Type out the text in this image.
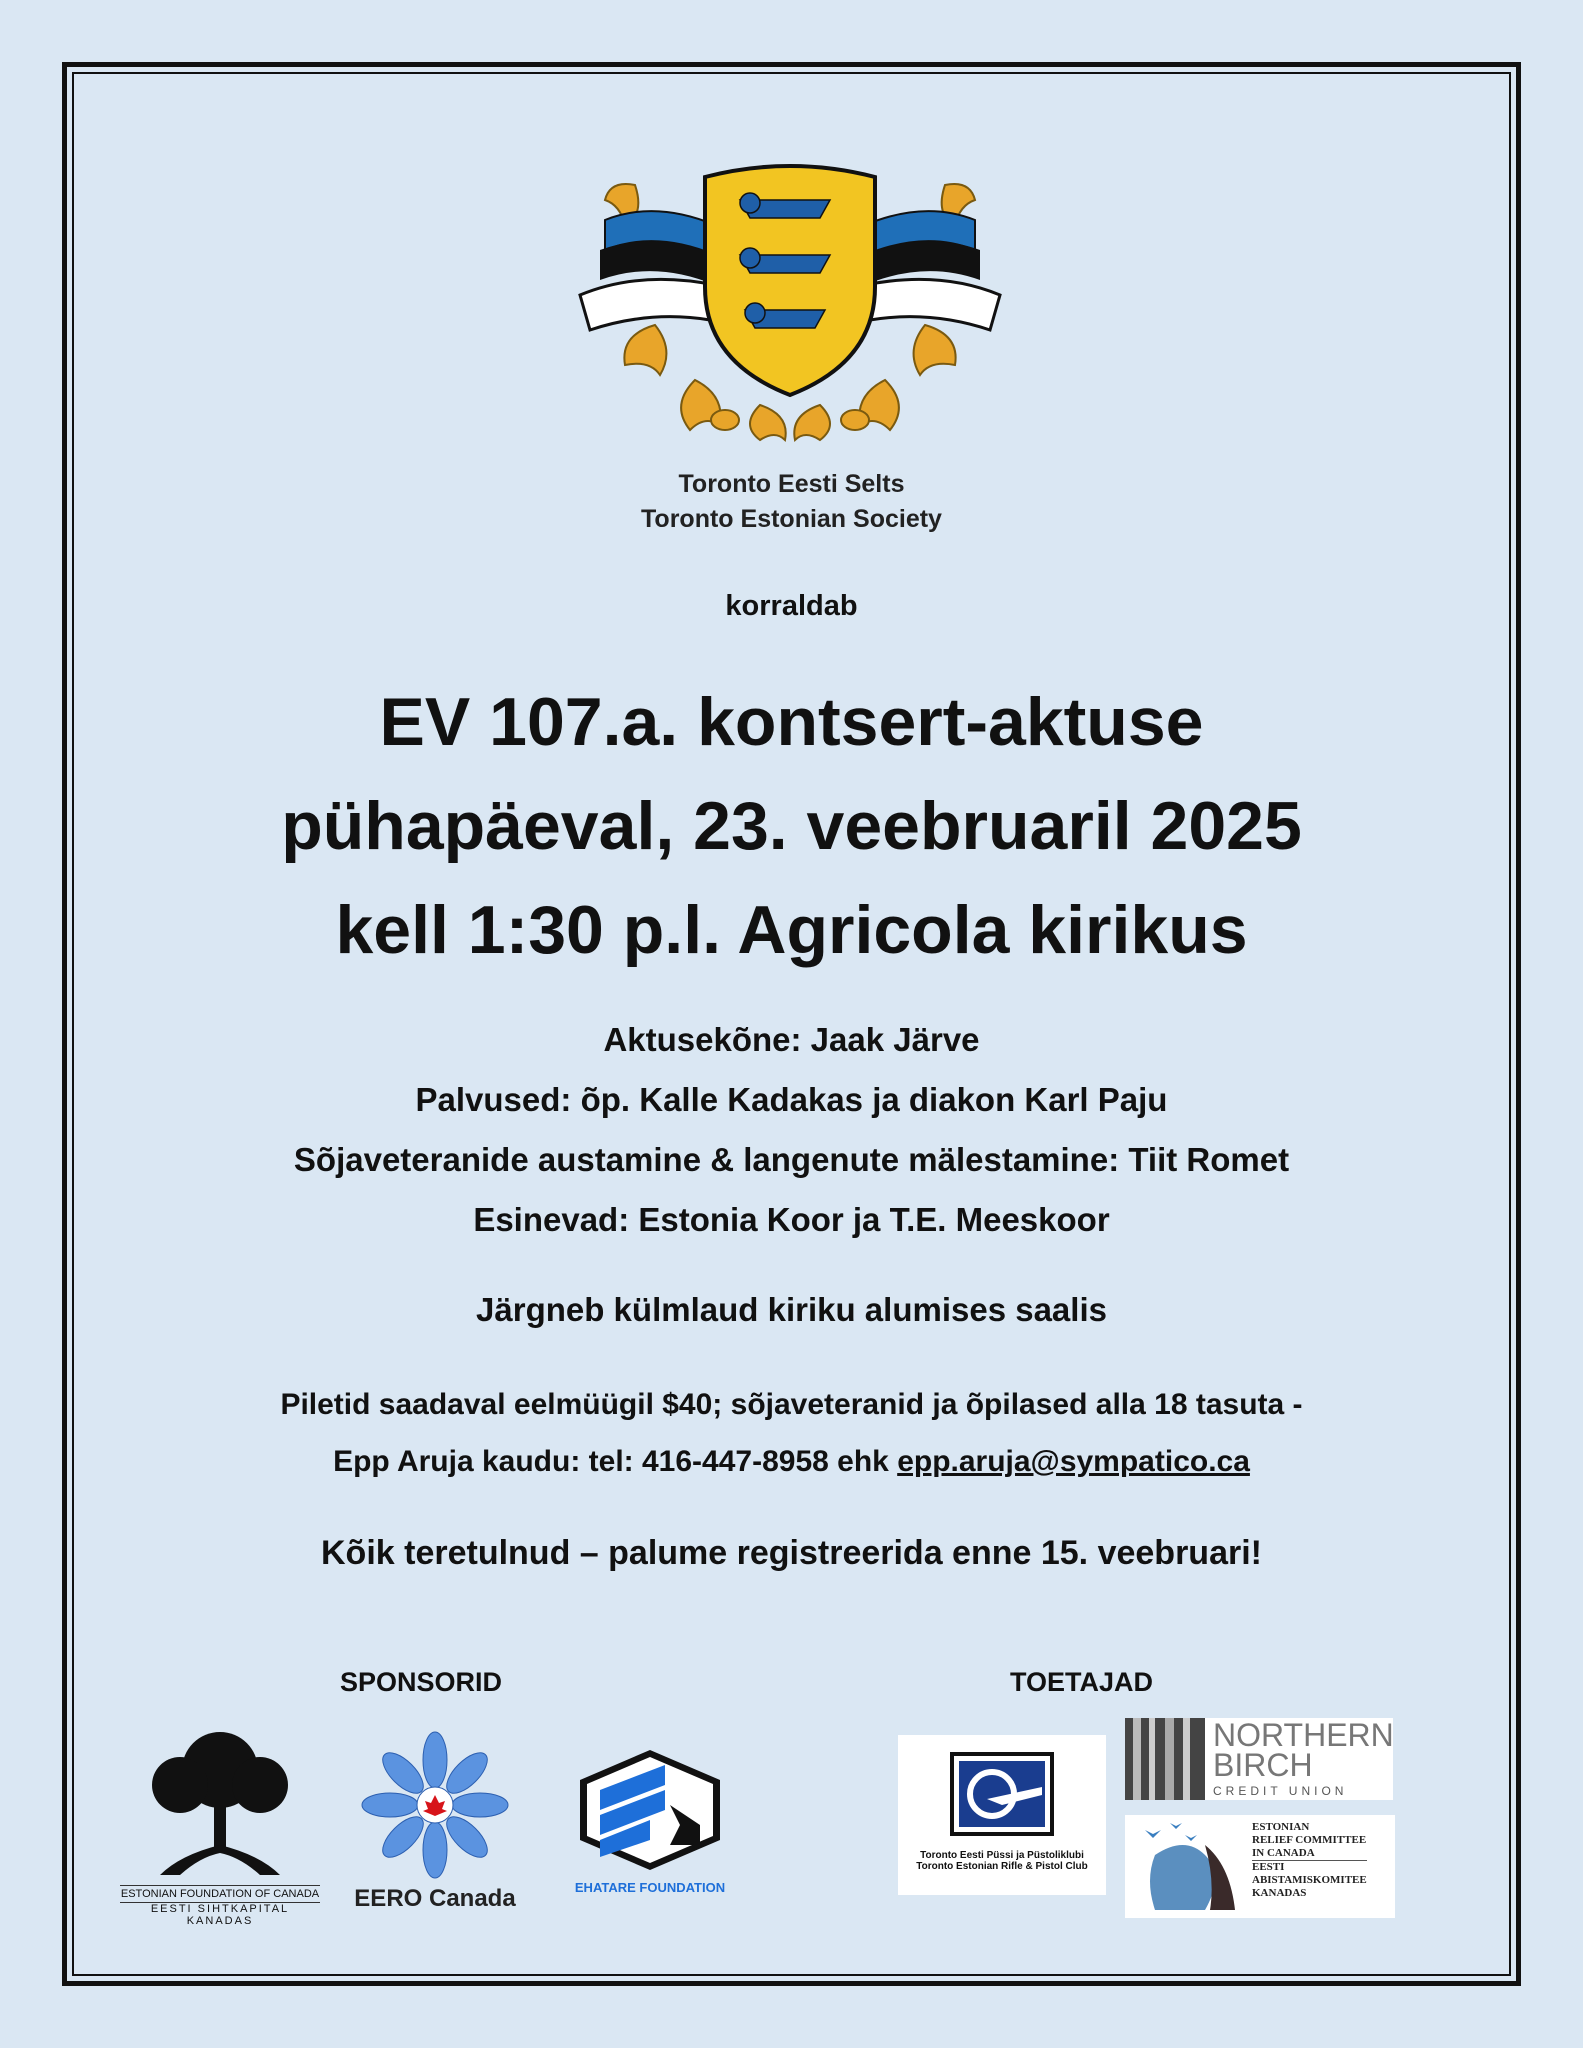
Toronto Eesti Selts
Toronto Estonian Society
korraldab
EV 107.a. kontsert-aktuse
pühapäeval, 23. veebruaril 2025
kell 1:30 p.l. Agricola kirikus
Aktusekõne: Jaak Järve
Palvused: õp. Kalle Kadakas ja diakon Karl Paju
Sõjaveteranide austamine & langenute mälestamine: Tiit Romet
Esinevad: Estonia Koor ja T.E. Meeskoor
Järgneb külmlaud kiriku alumises saalis
Piletid saadaval eelmüügil $40; sõjaveteranid ja õpilased alla 18 tasuta -
Epp Aruja kaudu: tel: 416-447-8958 ehk epp.aruja@sympatico.ca
Kõik teretulnud – palume registreerida enne 15. veebruari!
SPONSORID	TOETAJAD
ESTONIAN FOUNDATION OF CANADA
EESTI SIHTKAPITAL KANADAS
EERO Canada	EHATARE FOUNDATION
Toronto Eesti Püssi ja Püstoliklubi
Toronto Estonian Rifle & Pistol Club
NORTHERN
BIRCH
CREDIT UNION
ESTONIAN
RELIEF COMMITTEE
IN CANADA
EESTI
ABISTAMISKOMITEE
KANADAS
